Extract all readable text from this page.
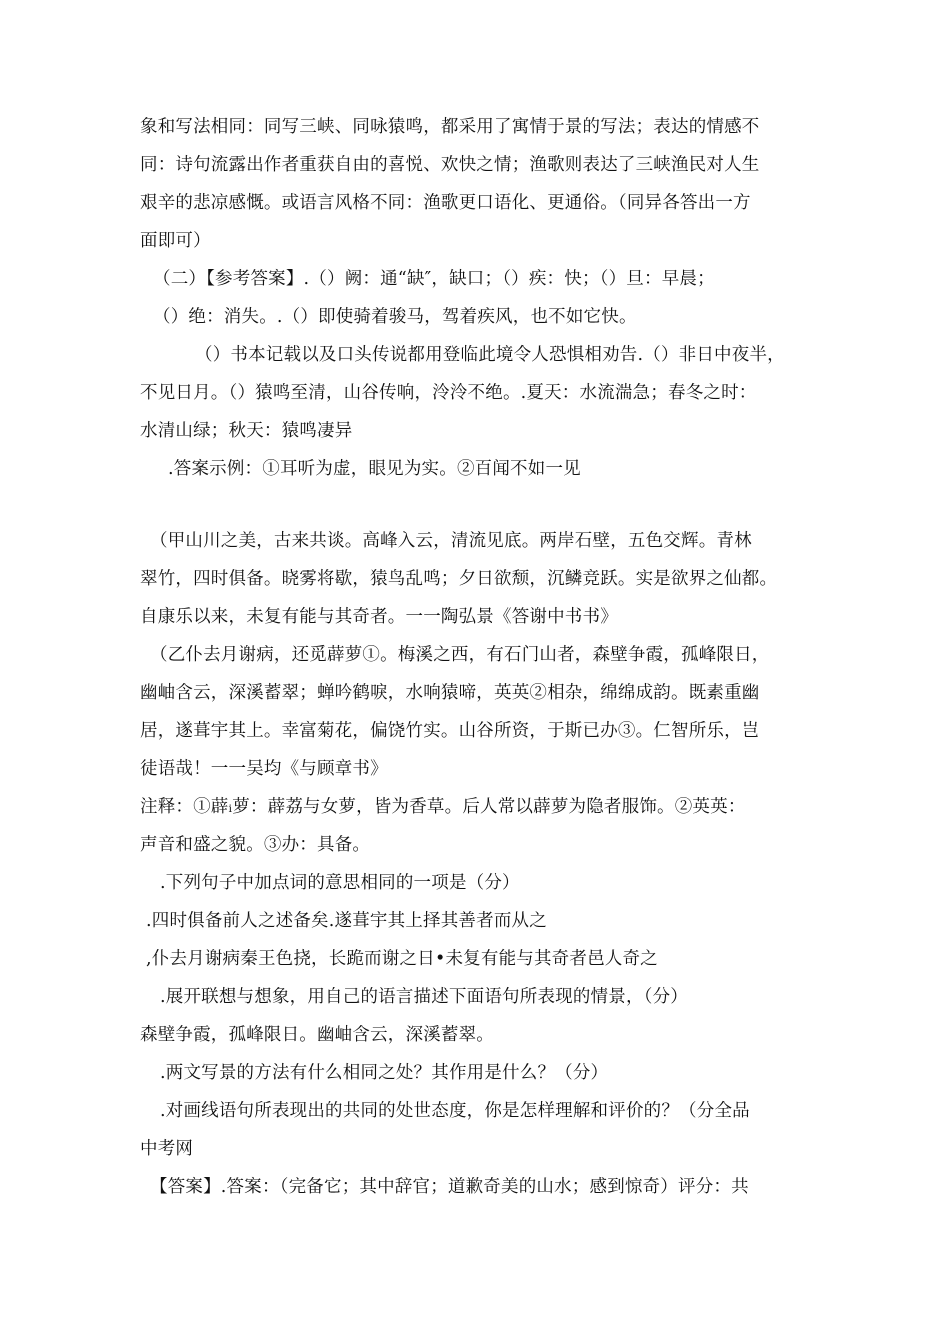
象和写法相同：同写三峡、同咏猿鸣，都采用了寓情于景的写法；表达的情感不
同：诗句流露出作者重获自由的喜悦、欢快之情；渔歌则表达了三峡渔民对人生
艰辛的悲凉感慨。或语言风格不同：渔歌更口语化、更通俗。（同异各答出一方
面即可）
（二）【参考答案】.（）阙：通“缺″，缺口；（）疾：快；（）旦：早晨；
（）绝：消失。.（）即使骑着骏马，驾着疾风，也不如它快。
（）书本记载以及口头传说都用登临此境令人恐惧相劝告.（）非日中夜半，
不见日月。（）猿鸣至清，山谷传响，泠泠不绝。.夏天：水流湍急；春冬之时：
水清山绿；秋天：猿鸣凄异
.答案示例：①耳听为虚，眼见为实。②百闻不如一见
（甲山川之美，古来共谈。高峰入云，清流见底。两岸石壁，五色交辉。青林
翠竹，四时俱备。晓雾将歇，猿鸟乱鸣；夕日欲颓，沉鳞竞跃。实是欲界之仙都。
自康乐以来，未复有能与其奇者。一一陶弘景《答谢中书书》
（乙仆去月谢病，还觅薜萝①。梅溪之西，有石门山者，森壁争霞，孤峰限日，
幽岫含云，深溪蓄翠；蝉吟鹤唳，水响猿啼，英英②相杂，绵绵成韵。既素重幽
居，遂葺宇其上。幸富菊花，偏饶竹实。山谷所资，于斯已办③。仁智所乐，岂
徒语哉！一一吴均《与顾章书》
注释：①薜ᵢ萝：薜荔与女萝，皆为香草。后人常以薜萝为隐者服饰。②英英：
声音和盛之貌。③办：具备。
.下列句子中加点词的意思相同的一项是（分）
.四时俱备前人之述备矣.遂葺宇其上择其善者而从之
,仆去月谢病秦王色挠，长跪而谢之日•未复有能与其奇者邑人奇之
.展开联想与想象，用自己的语言描述下面语句所表现的情景，（分）
森壁争霞，孤峰限日。幽岫含云，深溪蓄翠。
.两文写景的方法有什么相同之处？其作用是什么？（分）
.对画线语句所表现出的共同的处世态度，你是怎样理解和评价的？（分全品
中考网
【答案】.答案：（完备它；其中辞官；道歉奇美的山水；感到惊奇）评分：共
